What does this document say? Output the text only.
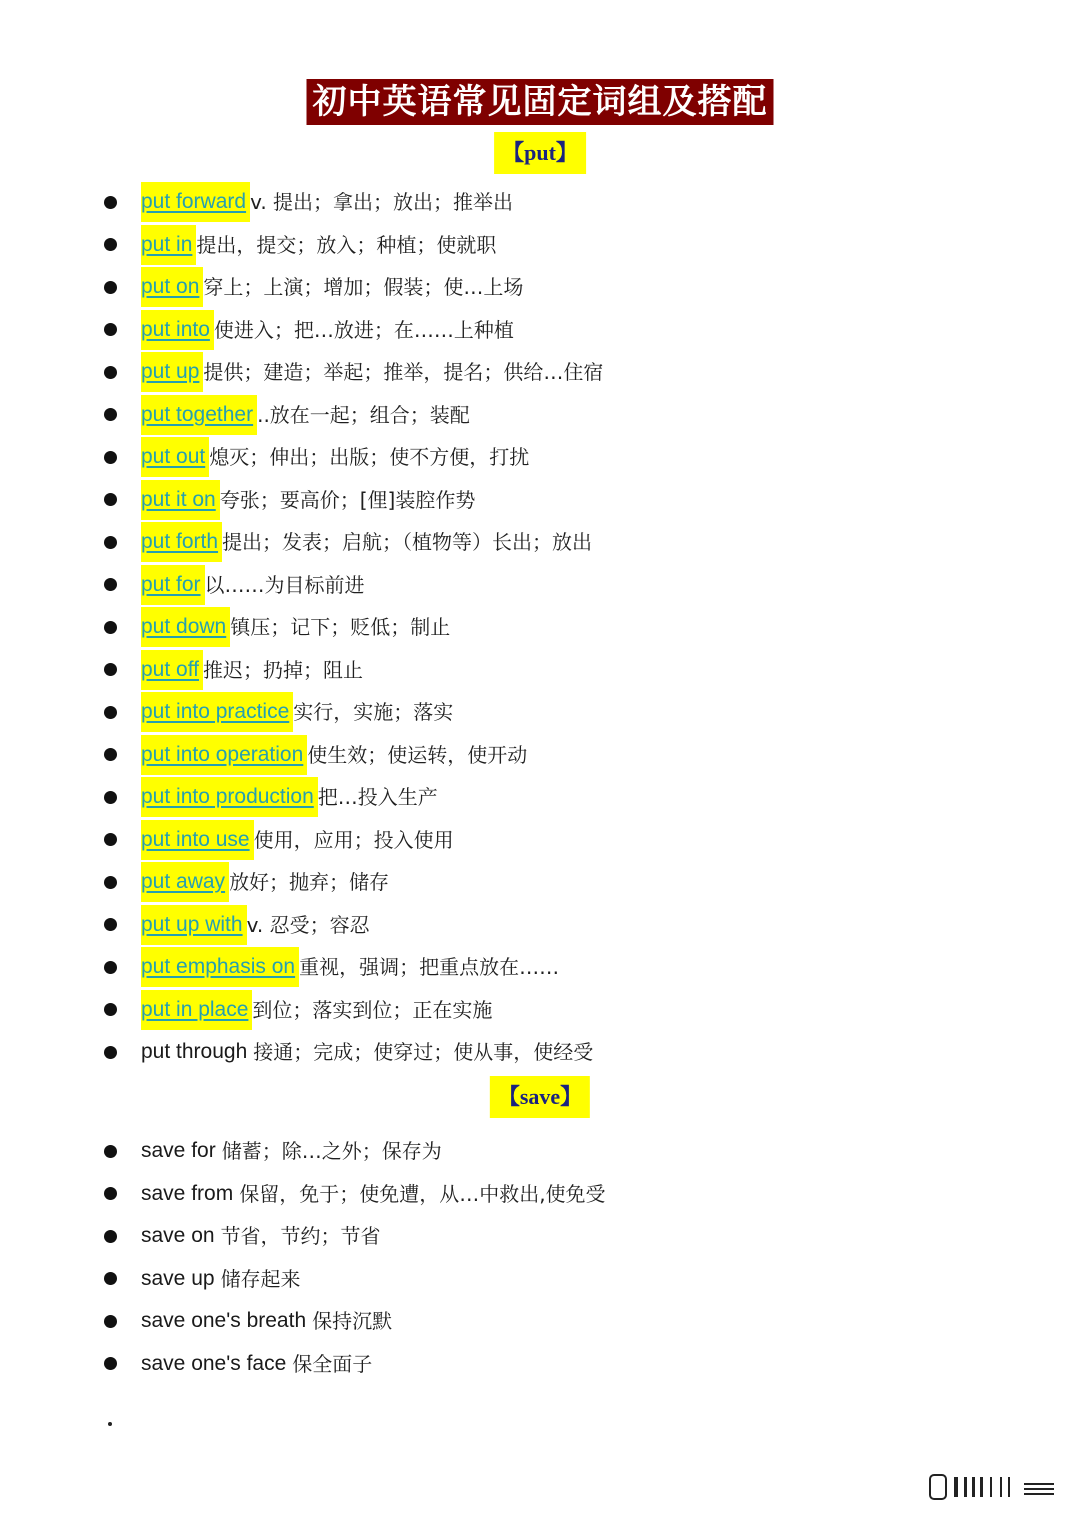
初中英语常见固定词组及搭配
【put】
put forward v. 提出；拿出；放出；推举出
put in 提出，提交；放入；种植；使就职
put on 穿上；上演；增加；假装；使…上场
put into 使进入；把…放进；在……上种植
put up 提供；建造；举起；推举，提名；供给…住宿
put together ..放在一起；组合；装配
put out 熄灭；伸出；出版；使不方便，打扰
put it on 夸张；要高价；[俚]装腔作势
put forth 提出；发表；启航；（植物等）长出；放出
put for 以……为目标前进
put down 镇压；记下；贬低；制止
put off 推迟；扔掉；阻止
put into practice 实行，实施；落实
put into operation 使生效；使运转，使开动
put into production 把…投入生产
put into use 使用，应用；投入使用
put away 放好；抛弃；储存
put up with v. 忍受；容忍
put emphasis on 重视，强调；把重点放在……
put in place 到位；落实到位；正在实施
put through 接通；完成；使穿过；使从事，使经受
【save】
save for 储蓄；除…之外；保存为
save from 保留，免于；使免遭，从…中救出,使免受
save on 节省，节约；节省
save up 储存起来
save one's breath 保持沉默
save one's face 保全面子
